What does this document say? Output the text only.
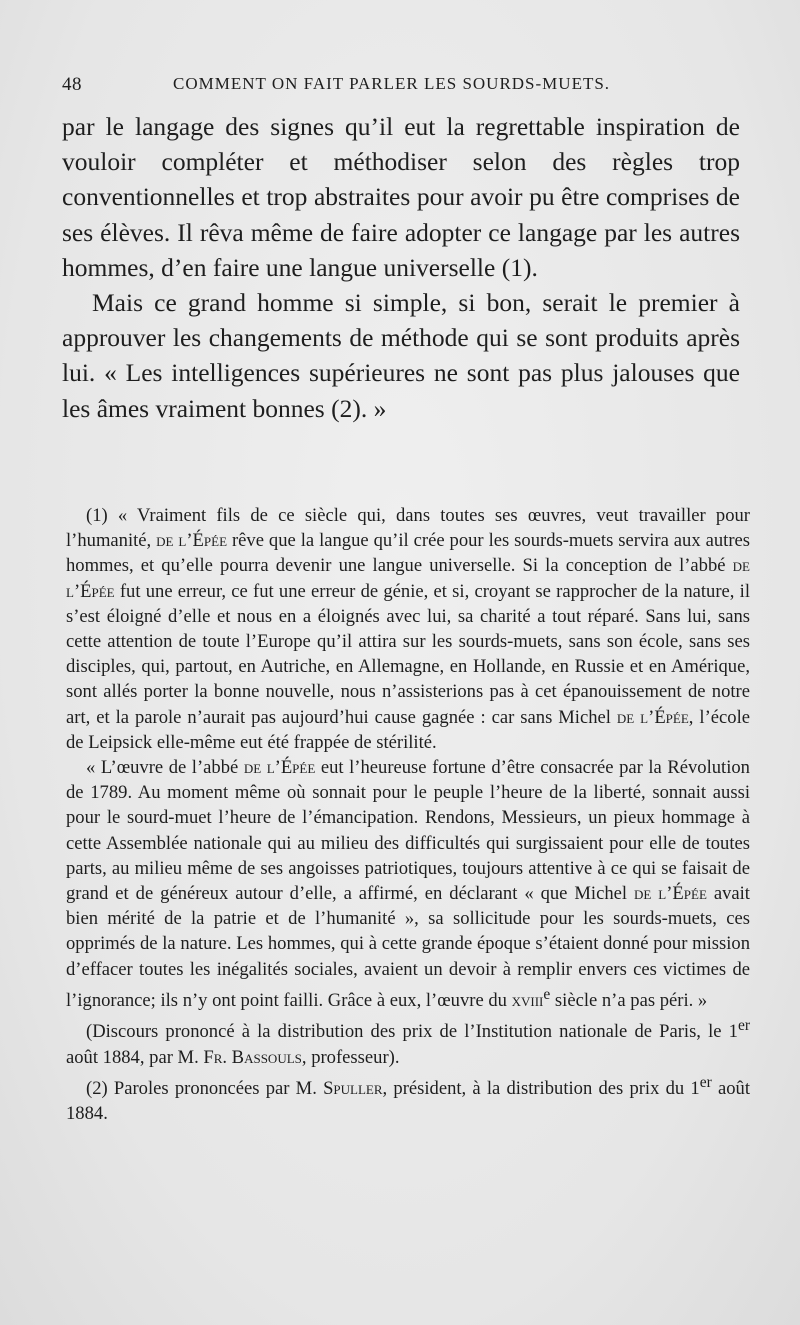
48	COMMENT ON FAIT PARLER LES SOURDS-MUETS.

par le langage des signes qu’il eut la regrettable inspiration de vouloir compléter et méthodiser selon des règles trop conventionnelles et trop abstraites pour avoir pu être comprises de ses élèves. Il rêva même de faire adopter ce langage par les autres hommes, d’en faire une langue universelle (1).

Mais ce grand homme si simple, si bon, serait le premier à approuver les changements de méthode qui se sont produits après lui. « Les intelligences supérieures ne sont pas plus jalouses que les âmes vraiment bonnes (2). »

(1) « Vraiment fils de ce siècle qui, dans toutes ses œuvres, veut travailler pour l’humanité, de l’Épée rêve que la langue qu’il crée pour les sourds-muets servira aux autres hommes, et qu’elle pourra devenir une langue universelle. Si la conception de l’abbé de l’Épée fut une erreur, ce fut une erreur de génie, et si, croyant se rapprocher de la nature, il s’est éloigné d’elle et nous en a éloignés avec lui, sa charité a tout réparé. Sans lui, sans cette attention de toute l’Europe qu’il attira sur les sourds-muets, sans son école, sans ses disciples, qui, partout, en Autriche, en Allemagne, en Hollande, en Russie et en Amérique, sont allés porter la bonne nouvelle, nous n’assisterions pas à cet épanouissement de notre art, et la parole n’aurait pas aujourd’hui cause gagnée : car sans Michel de l’Épée, l’école de Leipsick elle-même eut été frappée de stérilité.

« L’œuvre de l’abbé de l’Épée eut l’heureuse fortune d’être consacrée par la Révolution de 1789. Au moment même où sonnait pour le peuple l’heure de la liberté, sonnait aussi pour le sourd-muet l’heure de l’émancipation. Rendons, Messieurs, un pieux hommage à cette Assemblée nationale qui au milieu des difficultés qui surgissaient pour elle de toutes parts, au milieu même de ses angoisses patriotiques, toujours attentive à ce qui se faisait de grand et de généreux autour d’elle, a affirmé, en déclarant « que Michel de l’Épée avait bien mérité de la patrie et de l’humanité », sa sollicitude pour les sourds-muets, ces opprimés de la nature. Les hommes, qui à cette grande époque s’étaient donné pour mission d’effacer toutes les inégalités sociales, avaient un devoir à remplir envers ces victimes de l’ignorance; ils n’y ont point failli. Grâce à eux, l’œuvre du xviii$^e$ siècle n’a pas péri. »

(Discours prononcé à la distribution des prix de l’Institution nationale de Paris, le 1er août 1884, par M. Fr. Bassouls, professeur).

(2) Paroles prononcées par M. Spuller, président, à la distribution des prix du 1er août 1884.
